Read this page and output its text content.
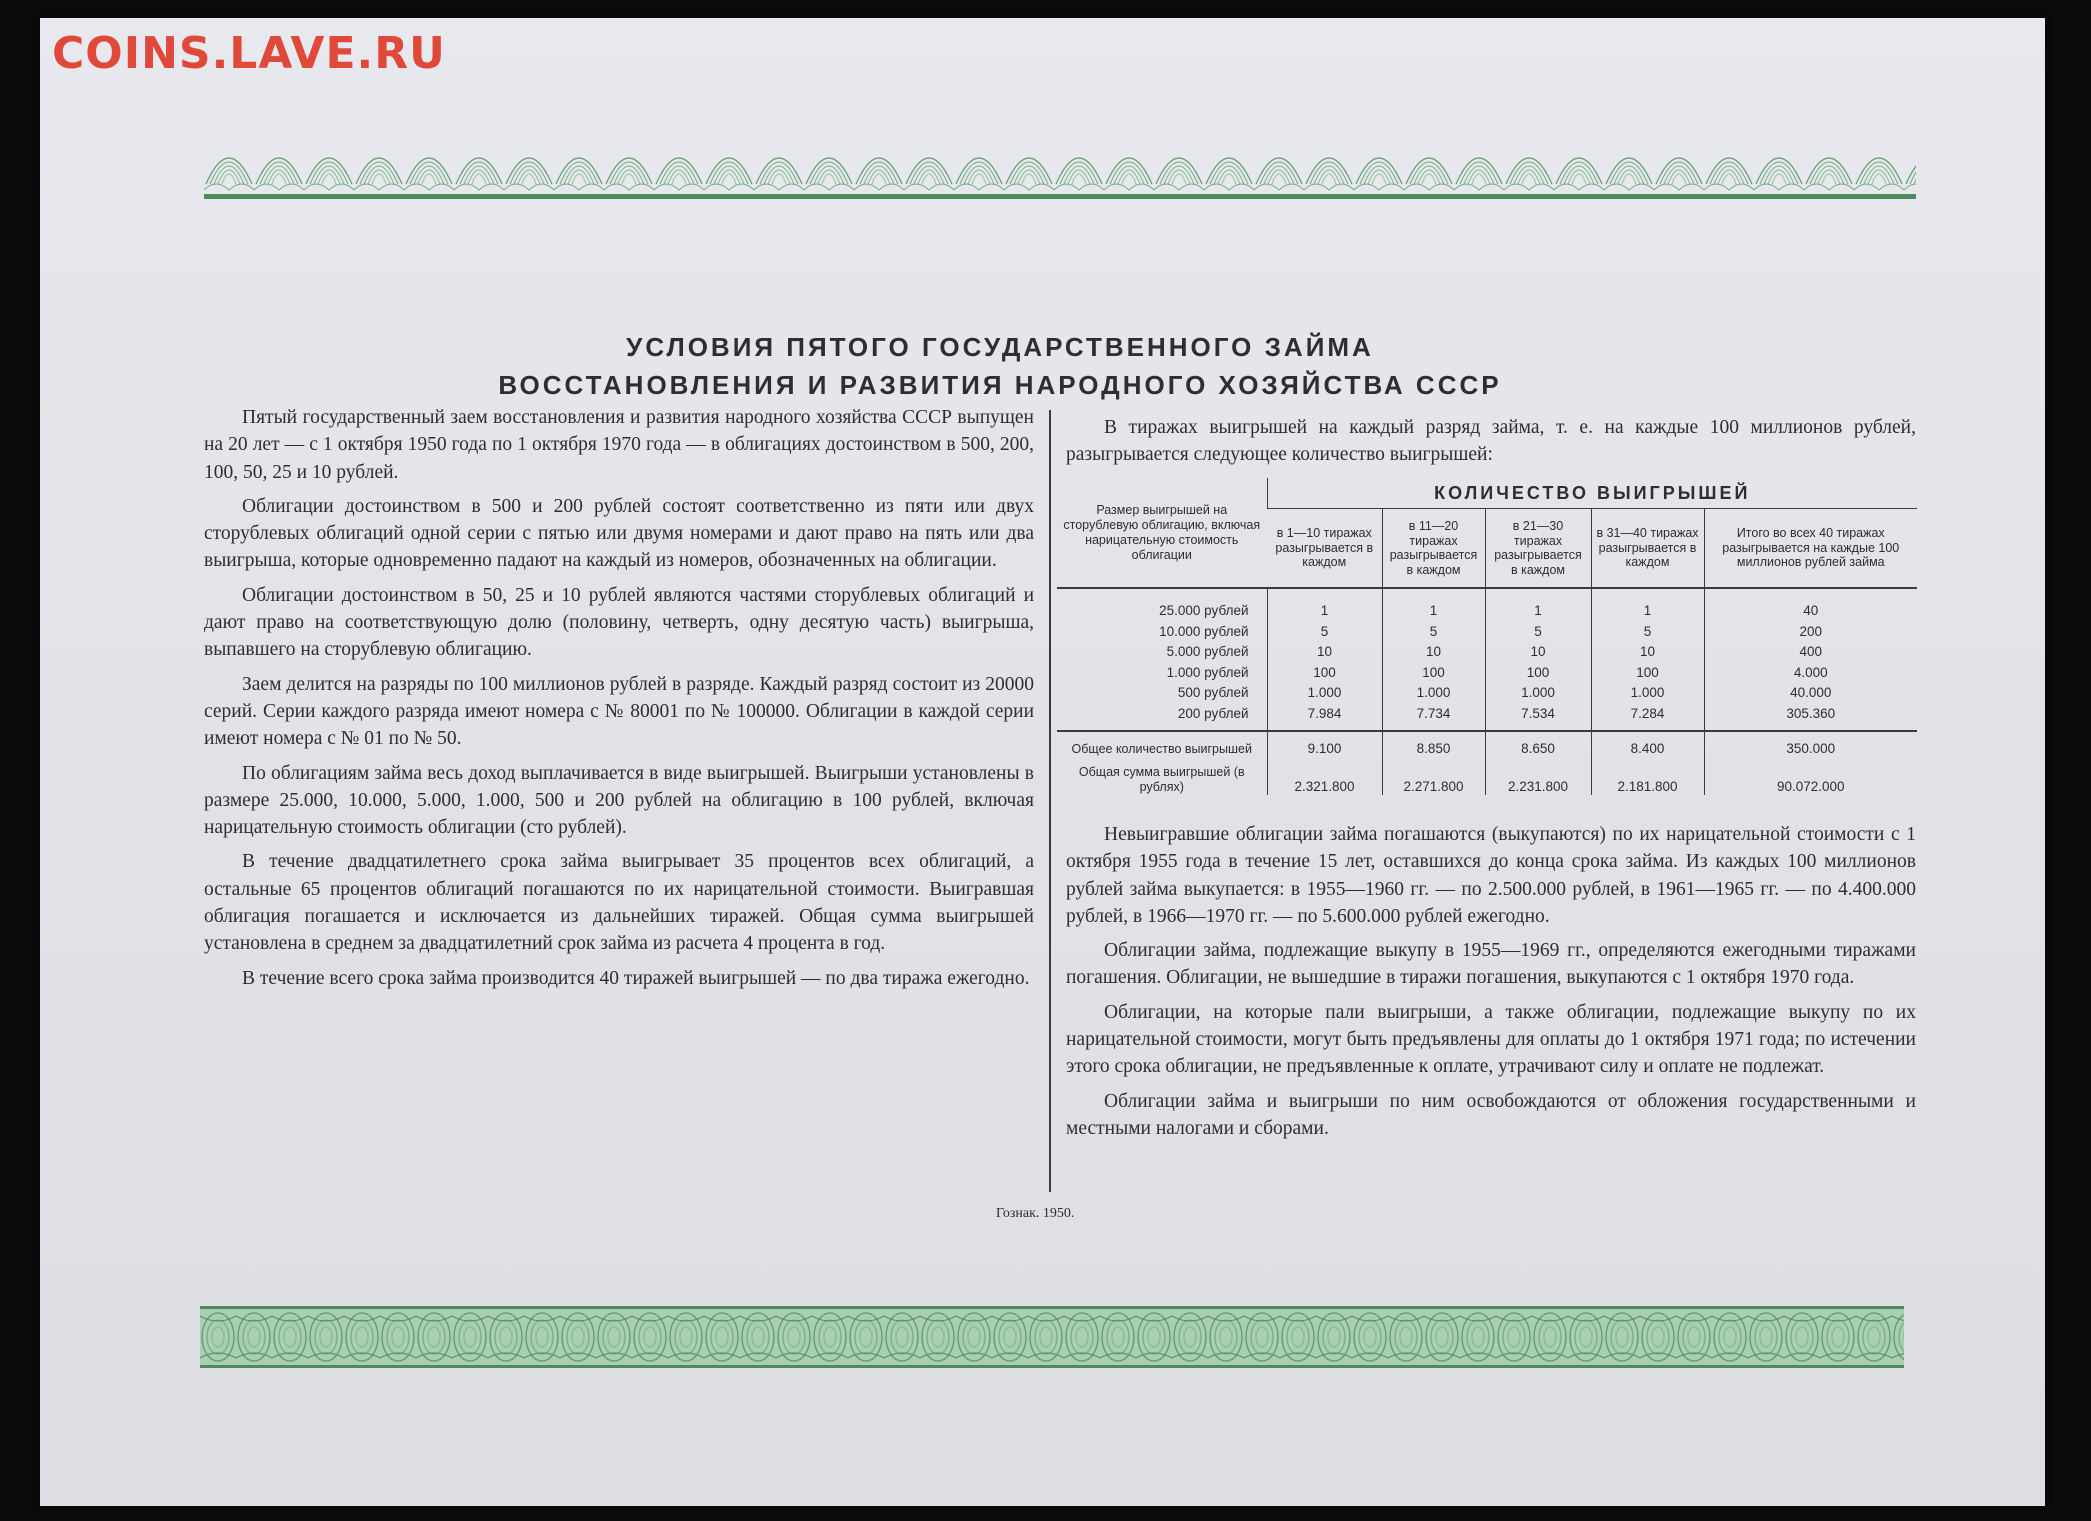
COINS.LAVE.RU
УСЛОВИЯ ПЯТОГО ГОСУДАРСТВЕННОГО ЗАЙМА
ВОССТАНОВЛЕНИЯ И РАЗВИТИЯ НАРОДНОГО ХОЗЯЙСТВА СССР

Пятый государственный заем восстановления и развития народного хозяйства СССР выпущен на 20 лет — с 1 октября 1950 года по 1 октября 1970 года — в облигациях достоинством в 500, 200, 100, 50, 25 и 10 рублей.

Облигации достоинством в 500 и 200 рублей состоят соответственно из пяти или двух сторублевых облигаций одной серии с пятью или двумя номерами и дают право на пять или два выигрыша, которые одновременно падают на каждый из номеров, обозначенных на облигации.

Облигации достоинством в 50, 25 и 10 рублей являются частями сторублевых облигаций и дают право на соответствующую долю (половину, четверть, одну десятую часть) выигрыша, выпавшего на сторублевую облигацию.

Заем делится на разряды по 100 миллионов рублей в разряде. Каждый разряд состоит из 20000 серий. Серии каждого разряда имеют номера с № 80001 по № 100000. Облигации в каждой серии имеют номера с № 01 по № 50.

По облигациям займа весь доход выплачивается в виде выигрышей. Выигрыши установлены в размере 25.000, 10.000, 5.000, 1.000, 500 и 200 рублей на облигацию в 100 рублей, включая нарицательную стоимость облигации (сто рублей).

В течение двадцатилетнего срока займа выигрывает 35 процентов всех облигаций, а остальные 65 процентов облигаций погашаются по их нарицательной стоимости. Выигравшая облигация погашается и исключается из дальнейших тиражей. Общая сумма выигрышей установлена в среднем за двадцатилетний срок займа из расчета 4 процента в год.

В течение всего срока займа производится 40 тиражей выигрышей — по два тиража ежегодно.

В тиражах выигрышей на каждый разряд займа, т. е. на каждые 100 миллионов рублей, разыгрывается следующее количество выигрышей:

Размер выигрышей на сторублевую облигацию, включая нарицательную стоимость облигации	КОЛИЧЕСТВО ВЫИГРЫШЕЙ				
	в 1—10 тиражах разыгрывается в каждом	в 11—20 тиражах разыгрывается в каждом	в 21—30 тиражах разыгрывается в каждом	в 31—40 тиражах разыгрывается в каждом	Итого во всех 40 тиражах разыгрывается на каждые 100 миллионов рублей займа
25.000 рублей	1	1	1	1	40
10.000 рублей	5	5	5	5	200
5.000 рублей	10	10	10	10	400
1.000 рублей	100	100	100	100	4.000
500 рублей	1.000	1.000	1.000	1.000	40.000
200 рублей	7.984	7.734	7.534	7.284	305.360
Общее количество выигрышей	9.100	8.850	8.650	8.400	350.000
Общая сумма выигрышей (в рублях)	2.321.800	2.271.800	2.231.800	2.181.800	90.072.000

Невыигравшие облигации займа погашаются (выкупаются) по их нарицательной стоимости с 1 октября 1955 года в течение 15 лет, оставшихся до конца срока займа. Из каждых 100 миллионов рублей займа выкупается: в 1955—1960 гг. — по 2.500.000 рублей, в 1961—1965 гг. — по 4.400.000 рублей, в 1966—1970 гг. — по 5.600.000 рублей ежегодно.

Облигации займа, подлежащие выкупу в 1955—1969 гг., определяются ежегодными тиражами погашения. Облигации, не вышедшие в тиражи погашения, выкупаются с 1 октября 1970 года.

Облигации, на которые пали выигрыши, а также облигации, подлежащие выкупу по их нарицательной стоимости, могут быть предъявлены для оплаты до 1 октября 1971 года; по истечении этого срока облигации, не предъявленные к оплате, утрачивают силу и оплате не подлежат.

Облигации займа и выигрыши по ним освобождаются от обложения государственными и местными налогами и сборами.

Гознак. 1950.
